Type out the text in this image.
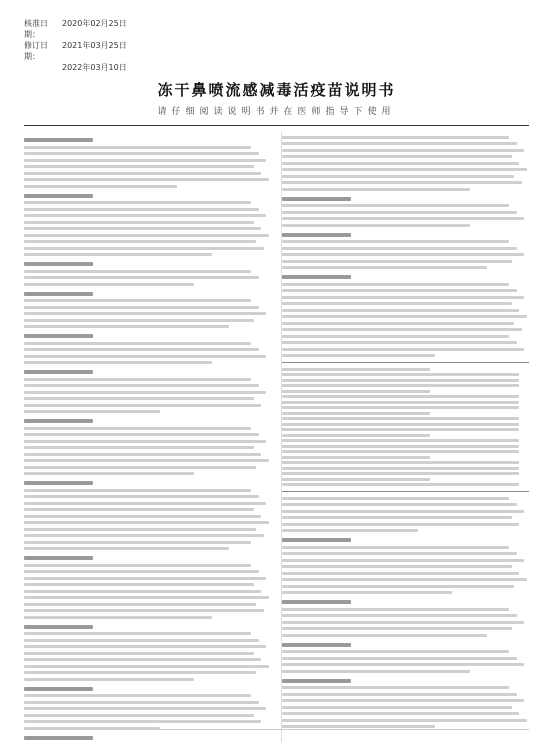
核准日期：
2020年02月25日
修订日期：
2021年03月25日
2022年03月10日
冻干鼻喷流感减毒活疫苗说明书
请仔细阅读说明书并在医师指导下使用
